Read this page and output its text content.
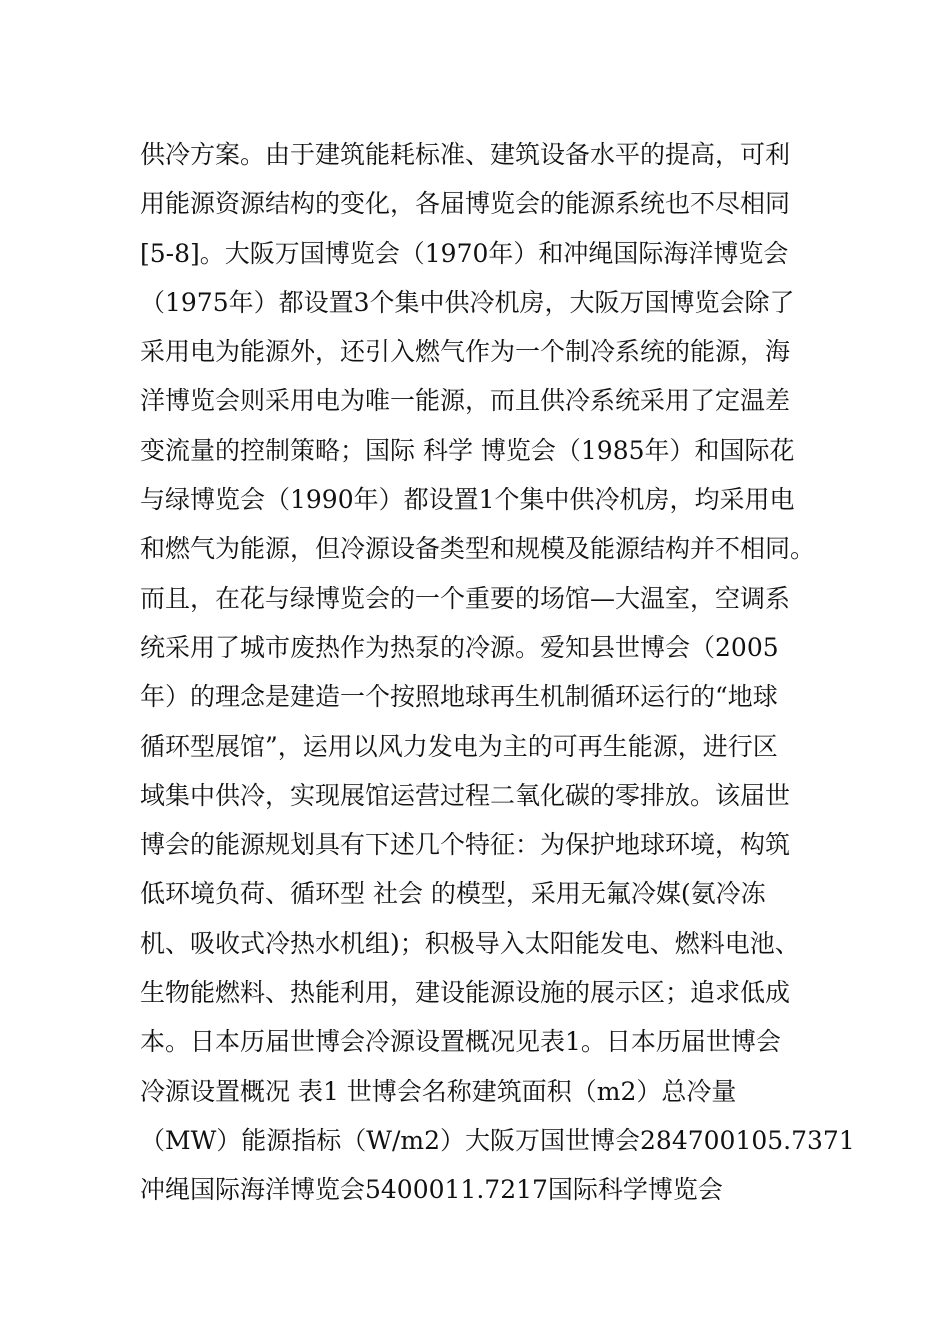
供冷方案。由于建筑能耗标准、建筑设备水平的提高，可利
用能源资源结构的变化，各届博览会的能源系统也不尽相同
[5-8]。大阪万国博览会（1970年）和冲绳国际海洋博览会
（1975年）都设置3个集中供冷机房，大阪万国博览会除了
采用电为能源外，还引入燃气作为一个制冷系统的能源，海
洋博览会则采用电为唯一能源，而且供冷系统采用了定温差
变流量的控制策略；国际 科学 博览会（1985年）和国际花
与绿博览会（1990年）都设置1个集中供冷机房，均采用电
和燃气为能源，但冷源设备类型和规模及能源结构并不相同。
而且，在花与绿博览会的一个重要的场馆—大温室，空调系
统采用了城市废热作为热泵的冷源。爱知县世博会（2005
年）的理念是建造一个按照地球再生机制循环运行的“地球
循环型展馆”，运用以风力发电为主的可再生能源，进行区
域集中供冷，实现展馆运营过程二氧化碳的零排放。该届世
博会的能源规划具有下述几个特征：为保护地球环境，构筑
低环境负荷、循环型 社会 的模型，采用无氟冷媒(氨冷冻
机、吸收式冷热水机组)；积极导入太阳能发电、燃料电池、
生物能燃料、热能利用，建设能源设施的展示区；追求低成
本。日本历届世博会冷源设置概况见表1。日本历届世博会
冷源设置概况 表1 世博会名称建筑面积（m2）总冷量
（MW）能源指标（W/m2）大阪万国世博会284700105.7371
冲绳国际海洋博览会5400011.7217国际科学博览会
